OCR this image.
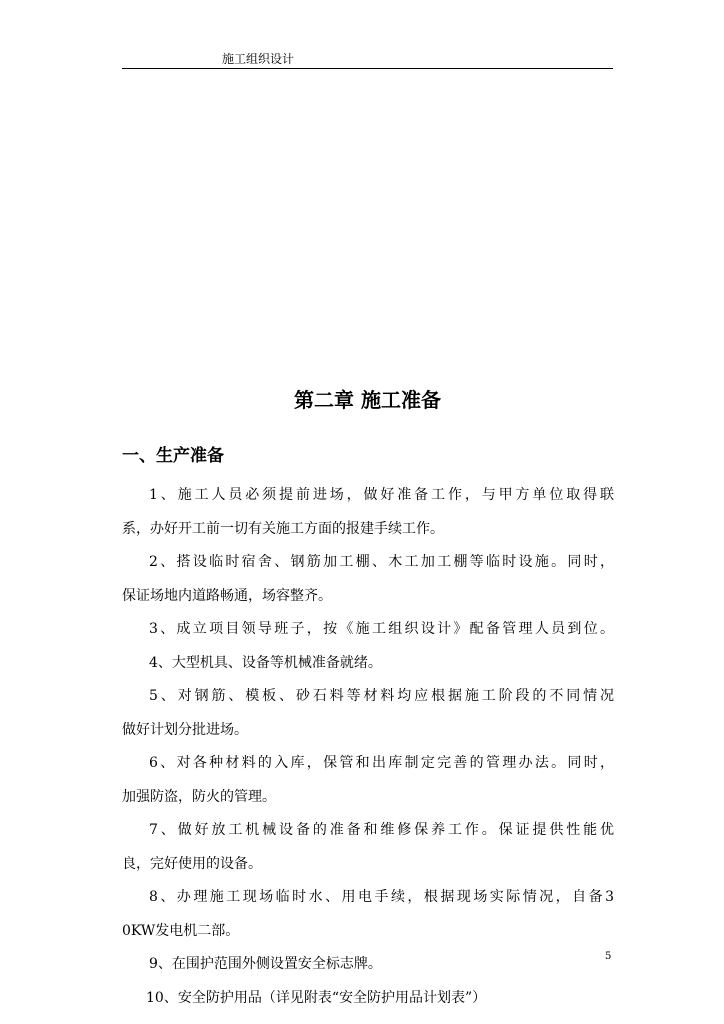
施工组织设计
第二章 施工准备
一、生产准备
1、施工人员必须提前进场，做好准备工作，与甲方单位取得联
系，办好开工前一切有关施工方面的报建手续工作。
2、搭设临时宿舍、钢筋加工棚、木工加工棚等临时设施。同时，
保证场地内道路畅通，场容整齐。
3、成立项目领导班子，按《施工组织设计》配备管理人员到位。
4、大型机具、设备等机械准备就绪。
5、对钢筋、模板、砂石料等材料均应根据施工阶段的不同情况
做好计划分批进场。
6、对各种材料的入库，保管和出库制定完善的管理办法。同时，
加强防盗，防火的管理。
7、做好放工机械设备的准备和维修保养工作。保证提供性能优
良，完好使用的设备。
8、办理施工现场临时水、用电手续，根据现场实际情况，自备3
0KW发电机二部。
9、在围护范围外侧设置安全标志牌。
10、安全防护用品（详见附表“安全防护用品计划表”）
5
